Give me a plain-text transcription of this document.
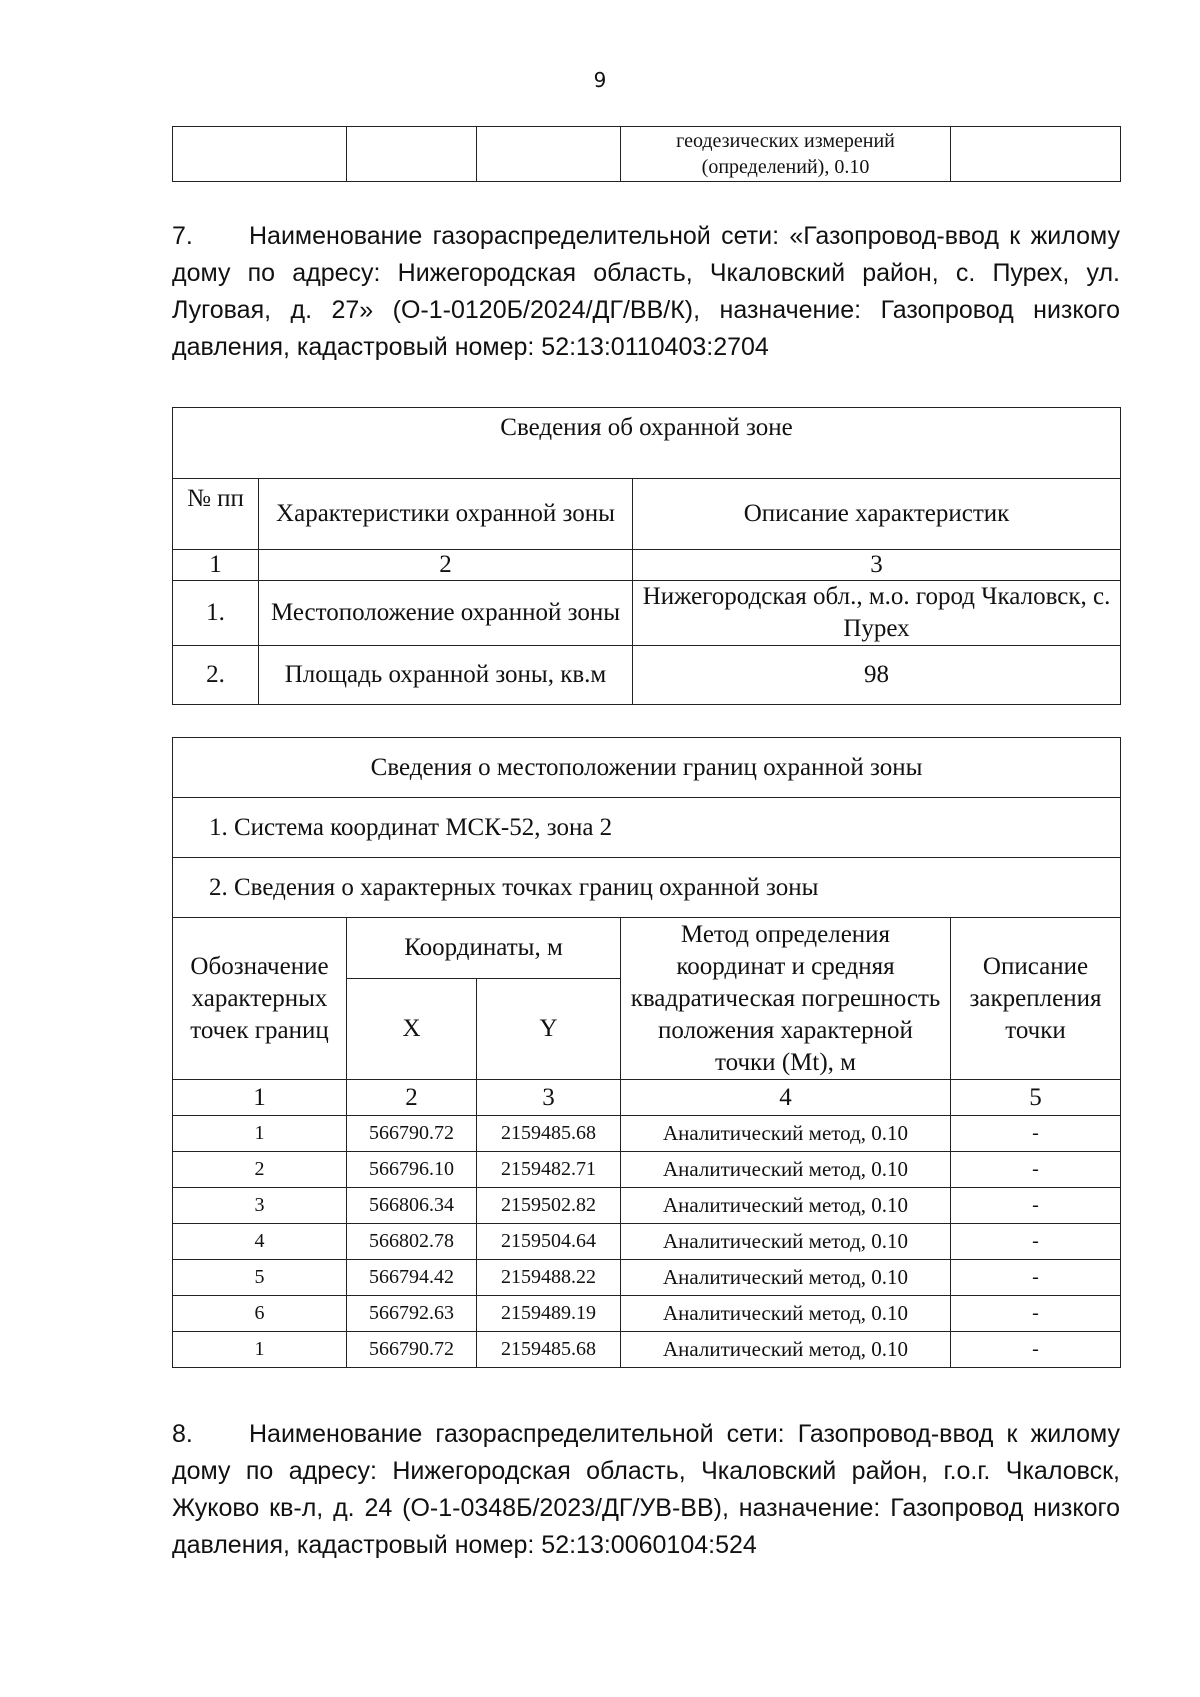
9
			геодезических измерений (определений), 0.10	

7. Наименование газораспределительной сети: «Газопровод-ввод к жилому дому по адресу: Нижегородская область, Чкаловский район, с. Пурех, ул. Луговая, д. 27» (О-1-0120Б/2024/ДГ/ВВ/К), назначение: Газопровод низкого давления, кадастровый номер: 52:13:0110403:2704

Сведения об охранной зоне		
№ пп	Характеристики охранной зоны	Описание характеристик
1	2	3
1.	Местоположение охранной зоны	Нижегородская обл., м.о. город Чкаловск, с. Пурех
2.	Площадь охранной зоны, кв.м	98
Сведения о местоположении границ охранной зоны				
1. Система координат МСК-52, зона 2				
2. Сведения о характерных точках границ охранной зоны				
Обозначение характерных точек границ	Координаты, м		Метод определения координат и средняя квадратическая погрешность положения характерной точки (Mt), м	Описание закрепления точки
	X	Y		
1	2	3	4	5
1	566790.72	2159485.68	Аналитический метод, 0.10	-
2	566796.10	2159482.71	Аналитический метод, 0.10	-
3	566806.34	2159502.82	Аналитический метод, 0.10	-
4	566802.78	2159504.64	Аналитический метод, 0.10	-
5	566794.42	2159488.22	Аналитический метод, 0.10	-
6	566792.63	2159489.19	Аналитический метод, 0.10	-
1	566790.72	2159485.68	Аналитический метод, 0.10	-

8. Наименование газораспределительной сети: Газопровод-ввод к жилому дому по адресу: Нижегородская область, Чкаловский район, г.о.г. Чкаловск, Жуково кв-л, д. 24 (О-1-0348Б/2023/ДГ/УВ-ВВ), назначение: Газопровод низкого давления, кадастровый номер: 52:13:0060104:524
